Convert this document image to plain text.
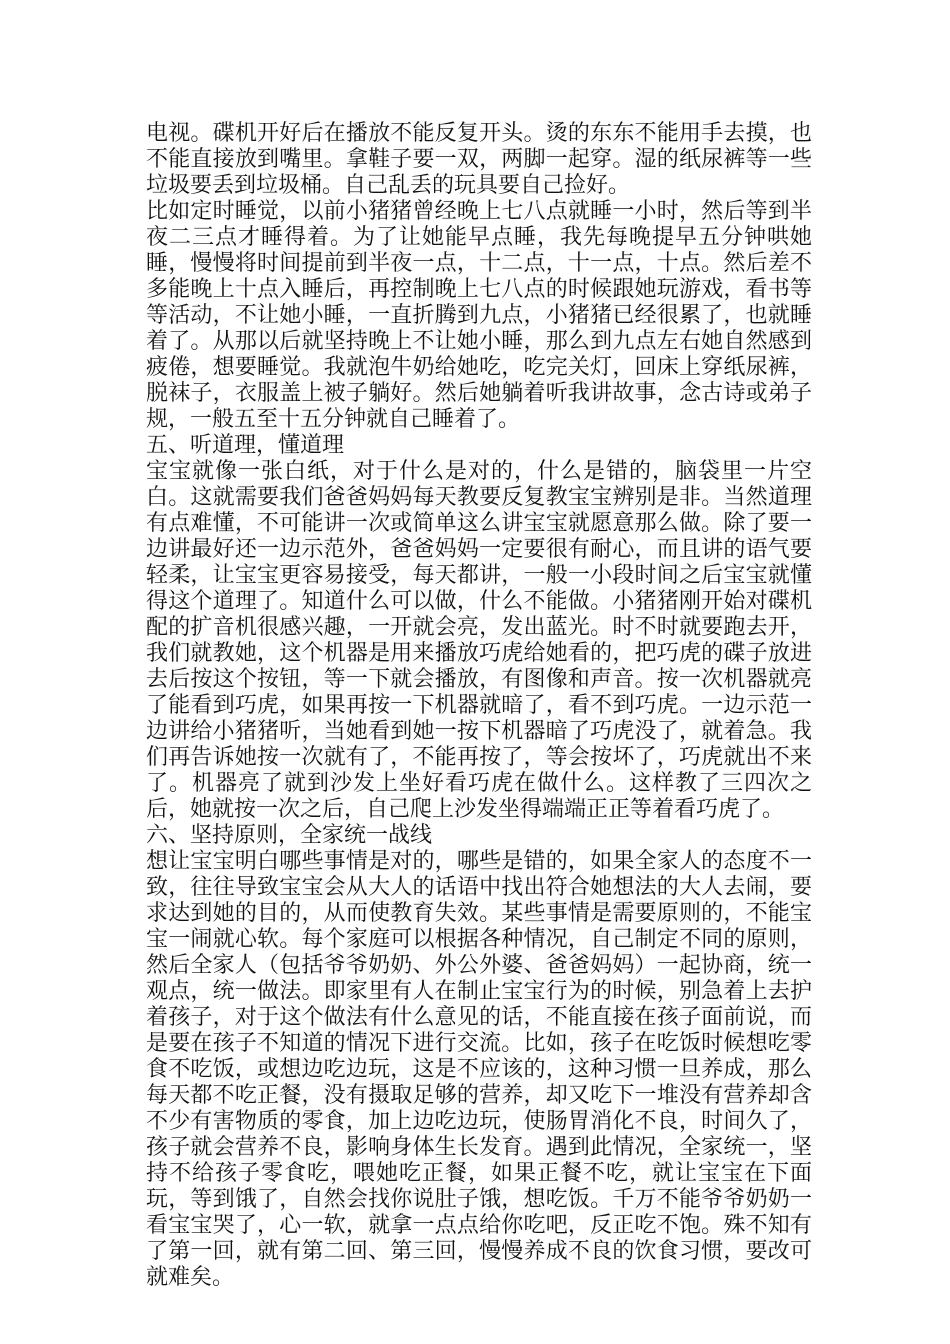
电视。碟机开好后在播放不能反复开头。烫的东东不能用手去摸，也不能直接放到嘴里。拿鞋子要一双，两脚一起穿。湿的纸尿裤等一些垃圾要丢到垃圾桶。自己乱丢的玩具要自己捡好。

比如定时睡觉，以前小猪猪曾经晚上七八点就睡一小时，然后等到半夜二三点才睡得着。为了让她能早点睡，我先每晚提早五分钟哄她睡，慢慢将时间提前到半夜一点，十二点，十一点，十点。然后差不多能晚上十点入睡后，再控制晚上七八点的时候跟她玩游戏，看书等等活动，不让她小睡，一直折腾到九点，小猪猪已经很累了，也就睡着了。从那以后就坚持晚上不让她小睡，那么到九点左右她自然感到疲倦，想要睡觉。我就泡牛奶给她吃，吃完关灯，回床上穿纸尿裤，脱袜子，衣服盖上被子躺好。然后她躺着听我讲故事，念古诗或弟子规，一般五至十五分钟就自己睡着了。

五、听道理，懂道理

宝宝就像一张白纸，对于什么是对的，什么是错的，脑袋里一片空白。这就需要我们爸爸妈妈每天教要反复教宝宝辨别是非。当然道理有点难懂，不可能讲一次或简单这么讲宝宝就愿意那么做。除了要一边讲最好还一边示范外，爸爸妈妈一定要很有耐心，而且讲的语气要轻柔，让宝宝更容易接受，每天都讲，一般一小段时间之后宝宝就懂得这个道理了。知道什么可以做，什么不能做。小猪猪刚开始对碟机配的扩音机很感兴趣，一开就会亮，发出蓝光。时不时就要跑去开，我们就教她，这个机器是用来播放巧虎给她看的，把巧虎的碟子放进去后按这个按钮，等一下就会播放，有图像和声音。按一次机器就亮了能看到巧虎，如果再按一下机器就暗了，看不到巧虎。一边示范一边讲给小猪猪听，当她看到她一按下机器暗了巧虎没了，就着急。我们再告诉她按一次就有了，不能再按了，等会按坏了，巧虎就出不来了。机器亮了就到沙发上坐好看巧虎在做什么。这样教了三四次之后，她就按一次之后，自己爬上沙发坐得端端正正等着看巧虎了。

六、坚持原则，全家统一战线

想让宝宝明白哪些事情是对的，哪些是错的，如果全家人的态度不一致，往往导致宝宝会从大人的话语中找出符合她想法的大人去闹，要求达到她的目的，从而使教育失效。某些事情是需要原则的，不能宝宝一闹就心软。每个家庭可以根据各种情况，自己制定不同的原则，然后全家人（包括爷爷奶奶、外公外婆、爸爸妈妈）一起协商，统一观点，统一做法。即家里有人在制止宝宝行为的时候，别急着上去护着孩子，对于这个做法有什么意见的话，不能直接在孩子面前说，而是要在孩子不知道的情况下进行交流。比如，孩子在吃饭时候想吃零食不吃饭，或想边吃边玩，这是不应该的，这种习惯一旦养成，那么每天都不吃正餐，没有摄取足够的营养，却又吃下一堆没有营养却含不少有害物质的零食，加上边吃边玩，使肠胃消化不良，时间久了，孩子就会营养不良，影响身体生长发育。遇到此情况，全家统一，坚持不给孩子零食吃，喂她吃正餐，如果正餐不吃，就让宝宝在下面玩，等到饿了，自然会找你说肚子饿，想吃饭。千万不能爷爷奶奶一看宝宝哭了，心一软，就拿一点点给你吃吧，反正吃不饱。殊不知有了第一回，就有第二回、第三回，慢慢养成不良的饮食习惯，要改可就难矣。
